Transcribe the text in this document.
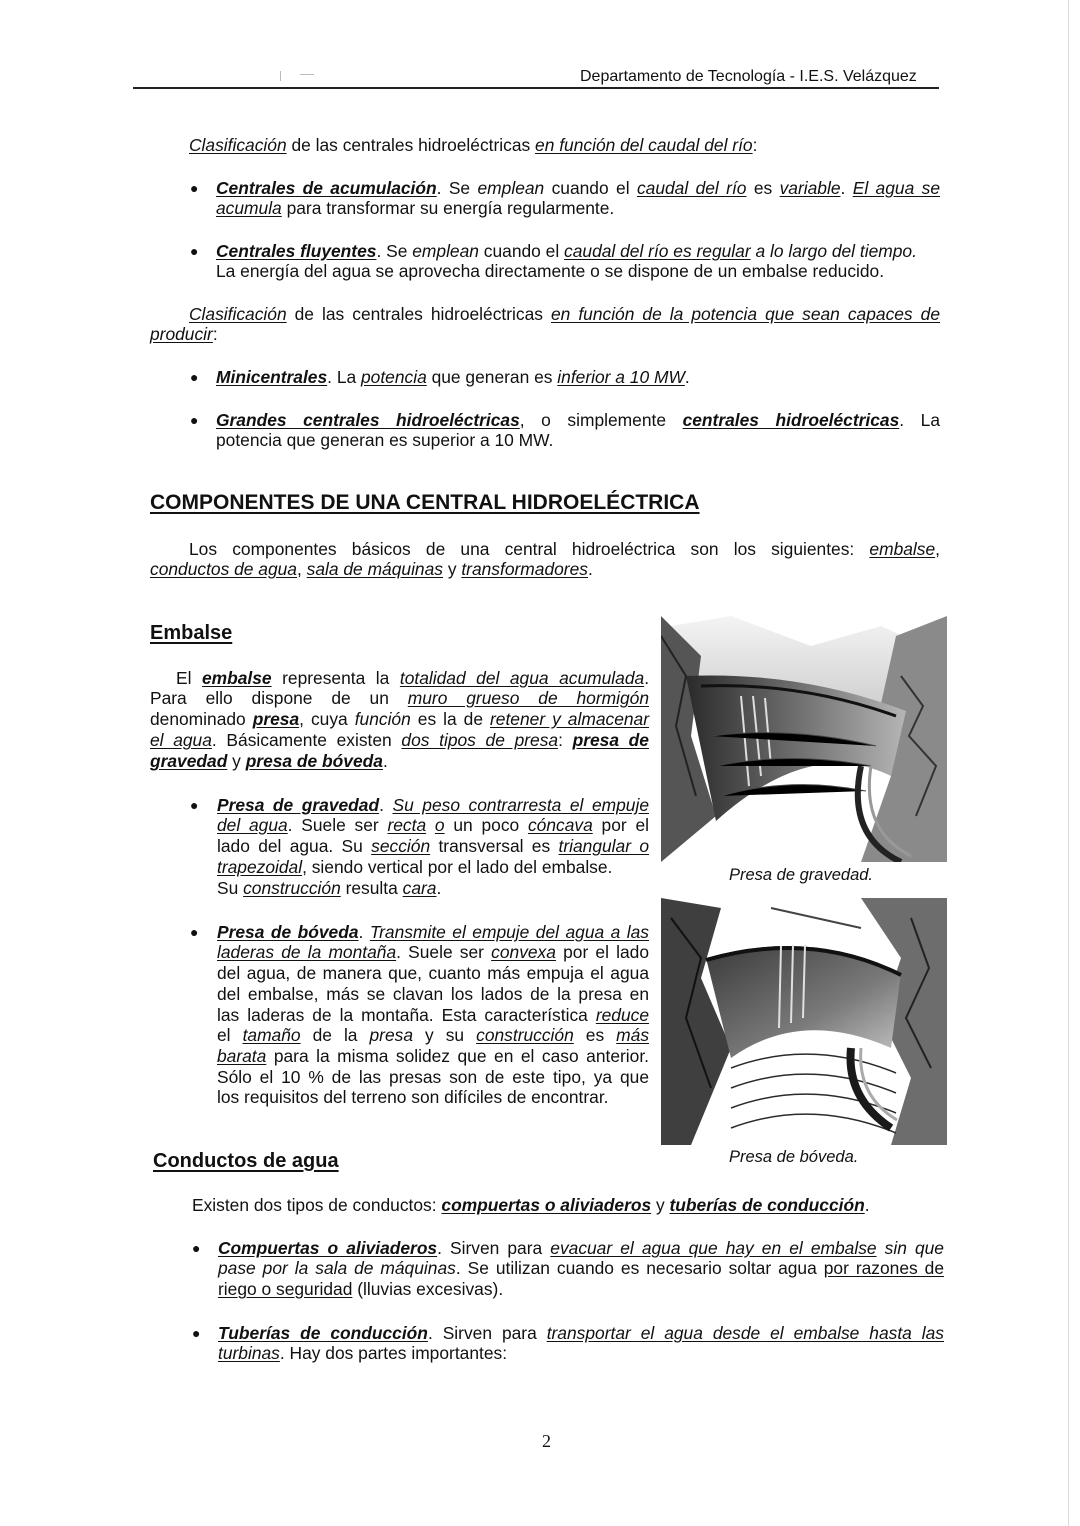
Departamento de Tecnología - I.E.S. Velázquez
Clasificación de las centrales hidroeléctricas en función del caudal del río:
● Centrales de acumulación. Se emplean cuando el caudal del río es variable. El agua se
acumula para transformar su energía regularmente.
● Centrales fluyentes. Se emplean cuando el caudal del río es regular a lo largo del tiempo.
La energía del agua se aprovecha directamente o se dispone de un embalse reducido.
Clasificación de las centrales hidroeléctricas en función de la potencia que sean capaces de
producir:
● Minicentrales. La potencia que generan es inferior a 10 MW.
● Grandes centrales hidroeléctricas, o simplemente centrales hidroeléctricas. La
potencia que generan es superior a 10 MW.
COMPONENTES DE UNA CENTRAL HIDROELÉCTRICA
Los componentes básicos de una central hidroeléctrica son los siguientes: embalse,
conductos de agua, sala de máquinas y transformadores.
Embalse
El embalse representa la totalidad del agua acumulada.
Para ello dispone de un muro grueso de hormigón
denominado presa, cuya función es la de retener y almacenar
el agua. Básicamente existen dos tipos de presa: presa de
gravedad y presa de bóveda.
● Presa de gravedad. Su peso contrarresta el empuje
del agua. Suele ser recta o un poco cóncava por el
lado del agua. Su sección transversal es triangular o
trapezoidal, siendo vertical por el lado del embalse.
Su construcción resulta cara.
● Presa de bóveda. Transmite el empuje del agua a las
laderas de la montaña. Suele ser convexa por el lado
del agua, de manera que, cuanto más empuja el agua
del embalse, más se clavan los lados de la presa en
las laderas de la montaña. Esta característica reduce
el tamaño de la presa y su construcción es más
barata para la misma solidez que en el caso anterior.
Sólo el 10 % de las presas son de este tipo, ya que
los requisitos del terreno son difíciles de encontrar.
Presa de gravedad.
Presa de bóveda.
Conductos de agua
Existen dos tipos de conductos: compuertas o aliviaderos y tuberías de conducción.
● Compuertas o aliviaderos. Sirven para evacuar el agua que hay en el embalse sin que
pase por la sala de máquinas. Se utilizan cuando es necesario soltar agua por razones de
riego o seguridad (lluvias excesivas).
● Tuberías de conducción. Sirven para transportar el agua desde el embalse hasta las
turbinas. Hay dos partes importantes:
2
